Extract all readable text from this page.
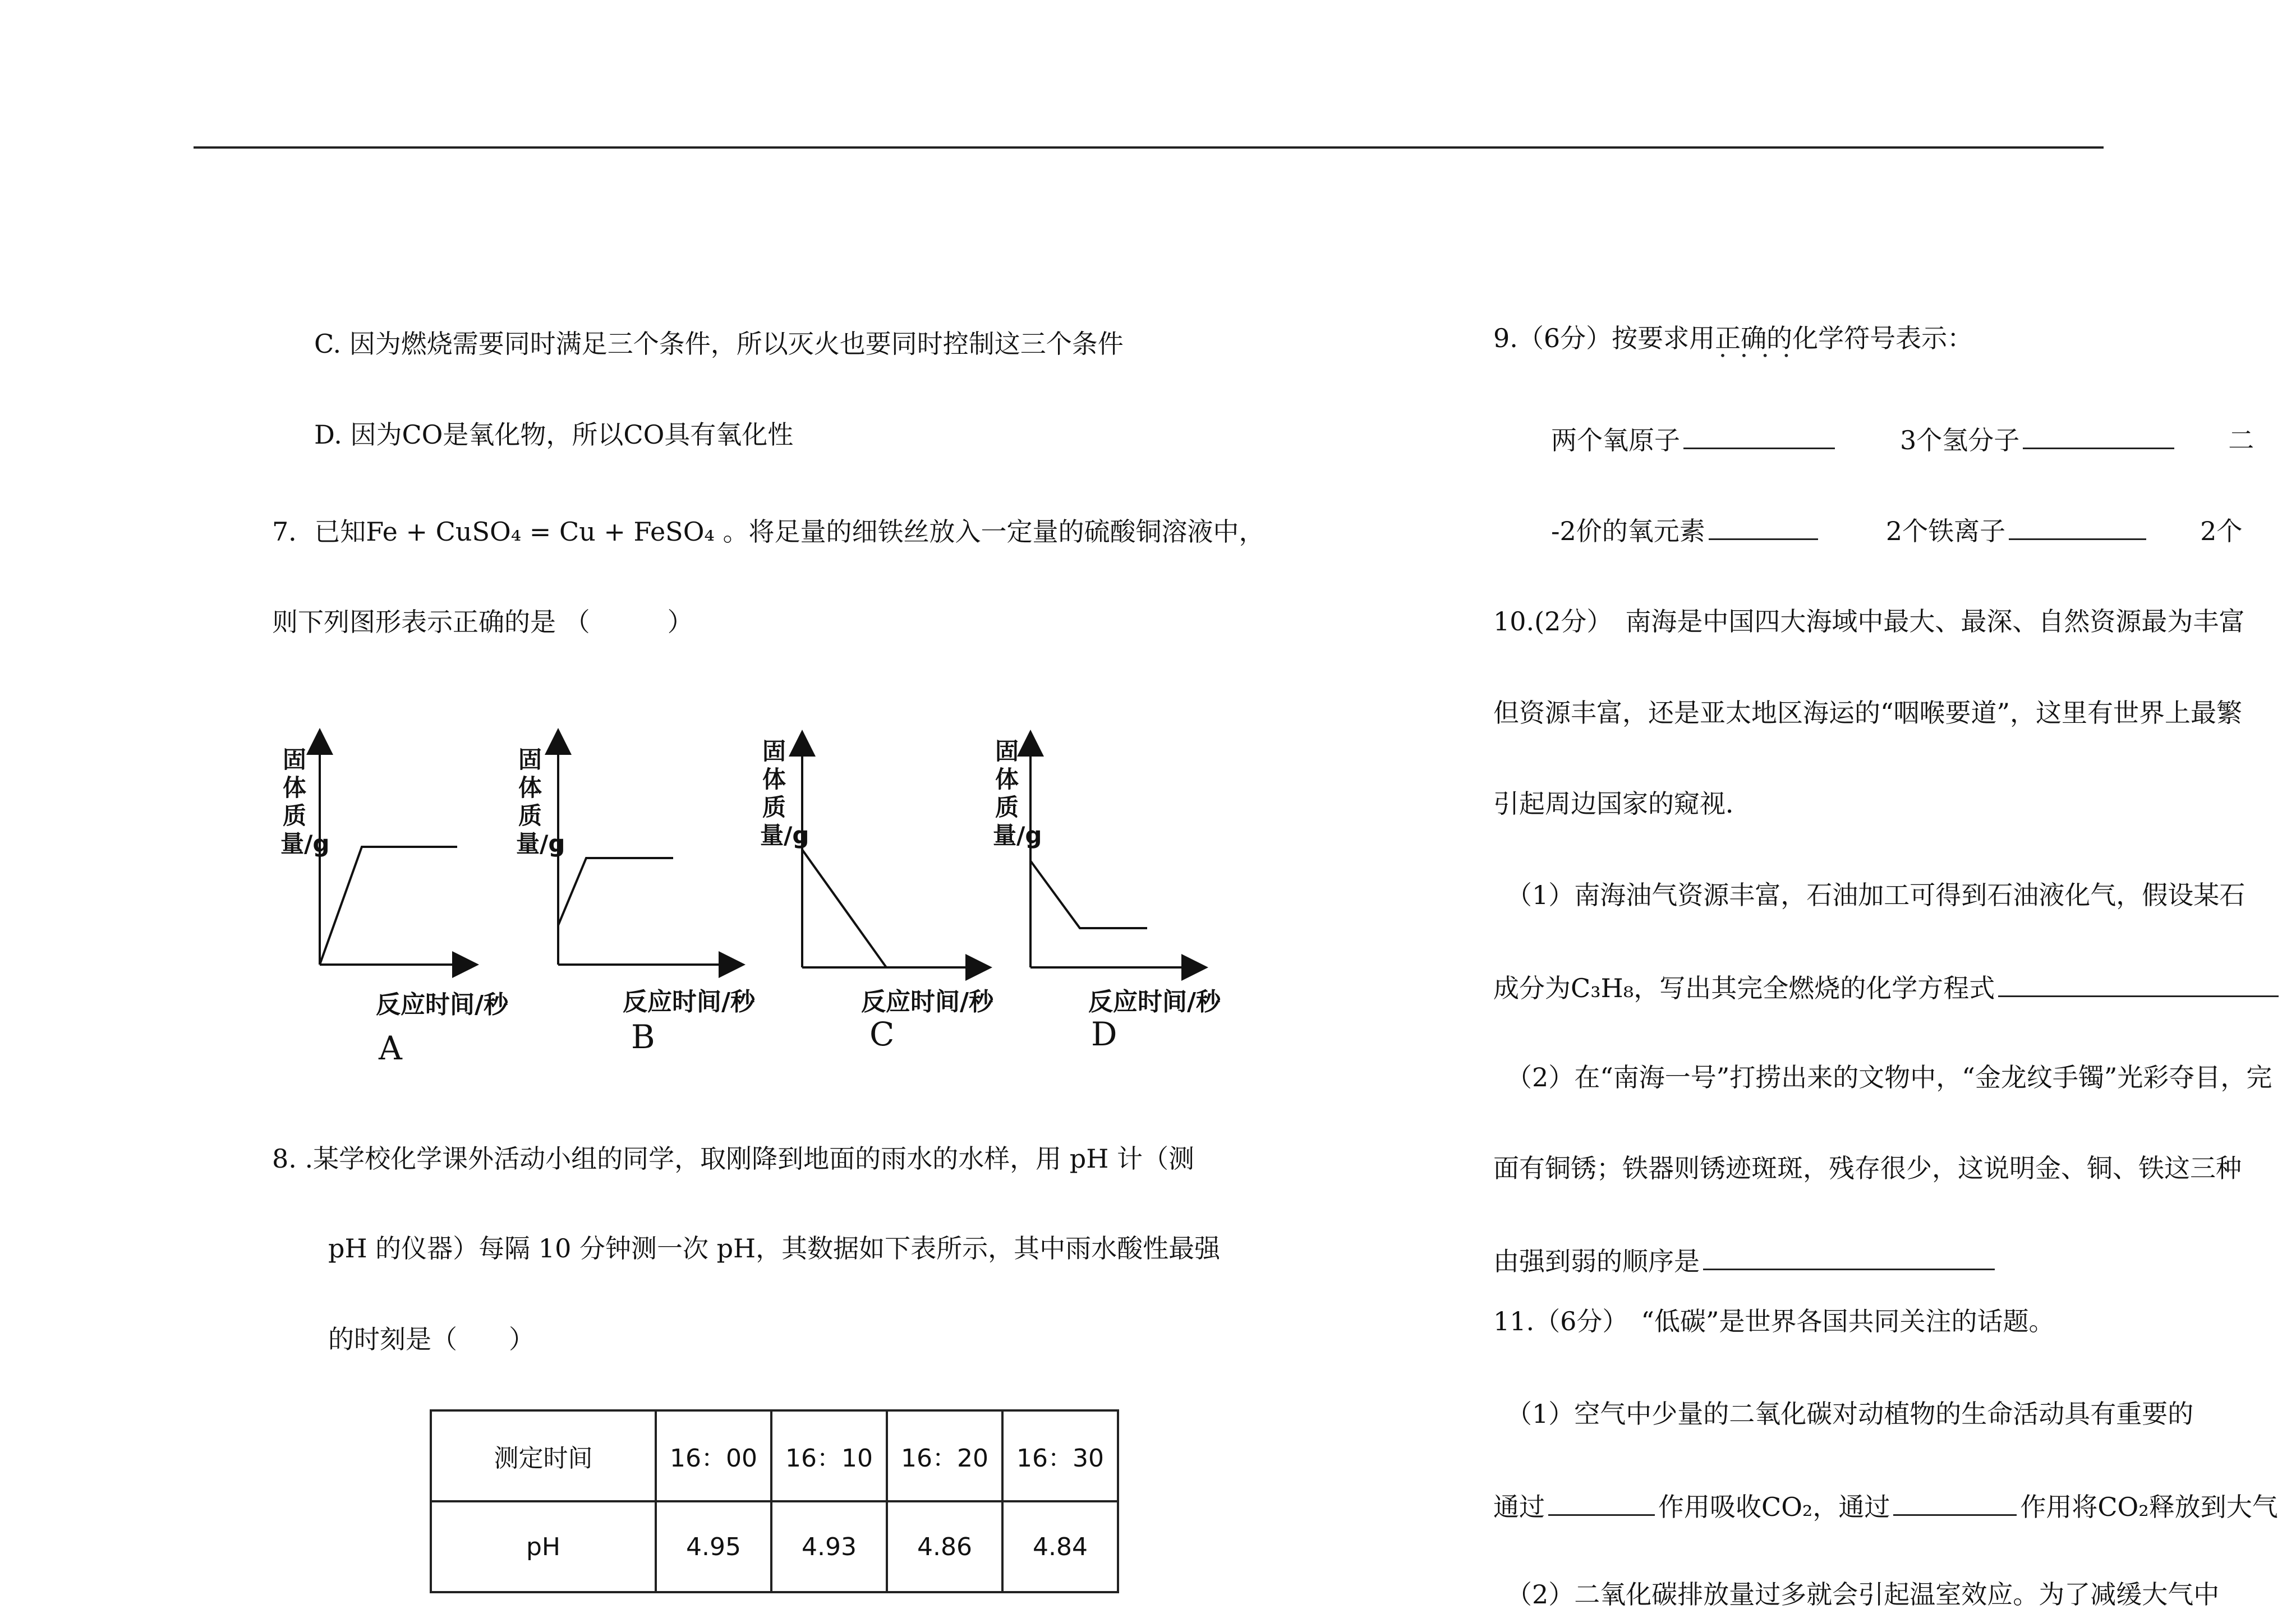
C. 因为燃烧需要同时满足三个条件，所以灭火也要同时控制这三个条件
D. 因为CO是氧化物，所以CO具有氧化性
7．已知Fe + CuSO₄ = Cu + FeSO₄ 。将足量的细铁丝放入一定量的硫酸铜溶液中，
则下列图形表示正确的是 （　　　）
固体质量/g
反应时间/秒
A
固体质量/g
反应时间/秒
B
固体质量/g
反应时间/秒
C
固体质量/g
反应时间/秒
D
8. .某学校化学课外活动小组的同学，取刚降到地面的雨水的水样，用 pH 计（测
pH 的仪器）每隔 10 分钟测一次 pH，其数据如下表所示，其中雨水酸性最强
的时刻是（　　）
测定时间	16：00	16：10	16：20	16：30
pH	4.95	4.93	4.86	4.84
9.（6分）按要求用正确的化学 ••••符号表示：
两个氧原子	3个氢分子	二
-2价的氧元素	2个铁离子	2个
10.(2分）　南海是中国四大海域中最大、最深、自然资源最为丰富
但资源丰富，还是亚太地区海运的“咽喉要道”，这里有世界上最繁
引起周边国家的窥视．
（1）南海油气资源丰富，石油加工可得到石油液化气，假设某石
成分为C₃H₈，写出其完全燃烧的化学方程式
（2）在“南海一号”打捞出来的文物中，“金龙纹手镯”光彩夺目，完
面有铜锈；铁器则锈迹斑斑，残存很少，这说明金、铜、铁这三种
由强到弱的顺序是
11.（6分）　“低碳”是世界各国共同关注的话题。
（1）空气中少量的二氧化碳对动植物的生命活动具有重要的
通过	作用吸收CO₂，通过	作用将CO₂释放到大气
（2）二氧化碳排放量过多就会引起温室效应。为了减缓大气中
